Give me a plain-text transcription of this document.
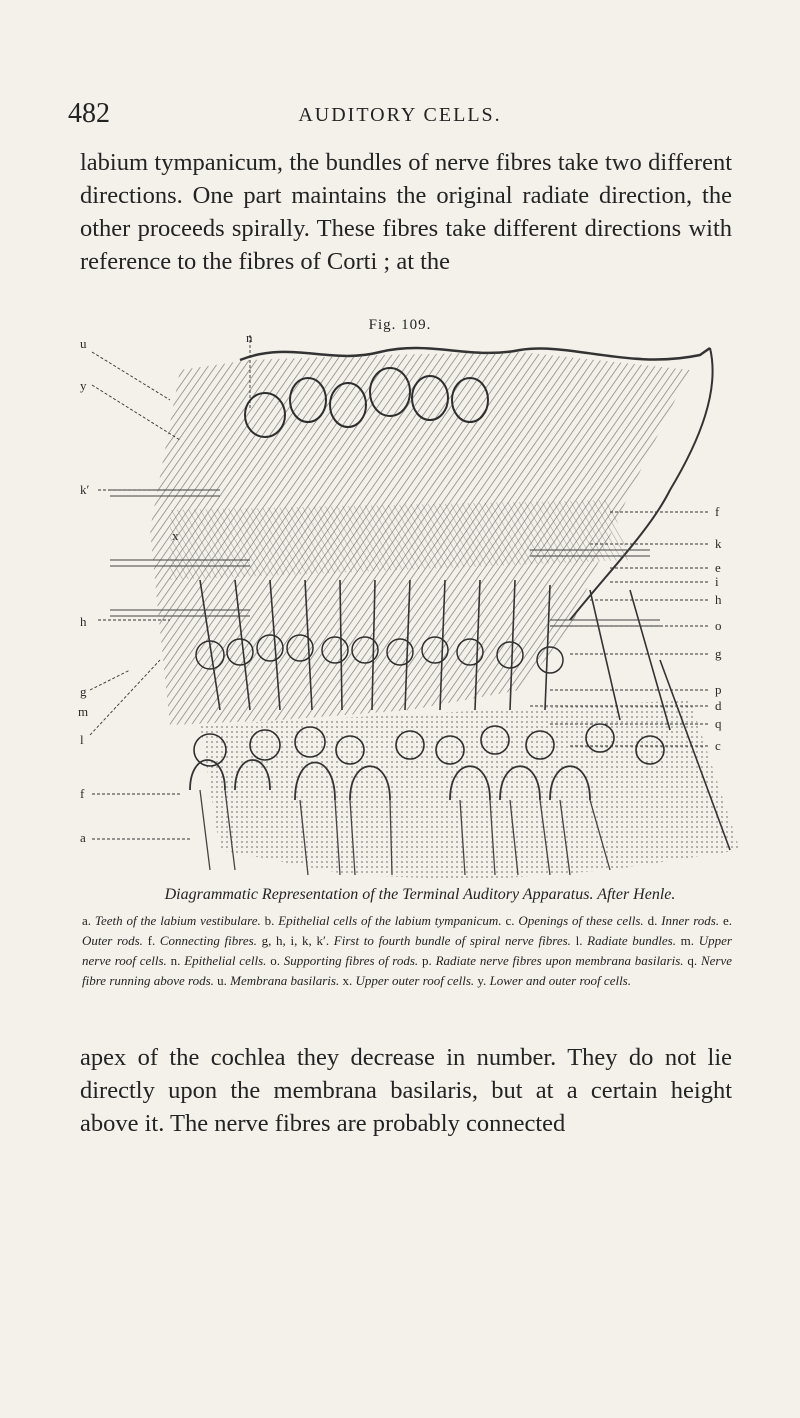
482	AUDITORY CELLS.
labium tympanicum, the bundles of nerve fibres take two different directions. One part maintains the original radiate direction, the other proceeds spirally. These fibres take different directions with reference to the fibres of Corti ; at the
Fig. 109.
u
y
k′
x
h
g
m
l
f
a
n
f
k
e
i
h
o
g
p
d
q
c
Diagrammatic Representation of the Terminal Auditory Apparatus. After Henle.
a. Teeth of the labium vestibulare. b. Epithelial cells of the labium tympanicum. c. Openings of these cells. d. Inner rods. e. Outer rods. f. Connecting fibres. g, h, i, k, k′. First to fourth bundle of spiral nerve fibres. l. Radiate bundles. m. Upper nerve roof cells. n. Epithelial cells. o. Supporting fibres of rods. p. Radiate nerve fibres upon membrana basilaris. q. Nerve fibre running above rods. u. Membrana basilaris. x. Upper outer roof cells. y. Lower and outer roof cells.
apex of the cochlea they decrease in number. They do not lie directly upon the membrana basilaris, but at a certain height above it. The nerve fibres are probably connected
